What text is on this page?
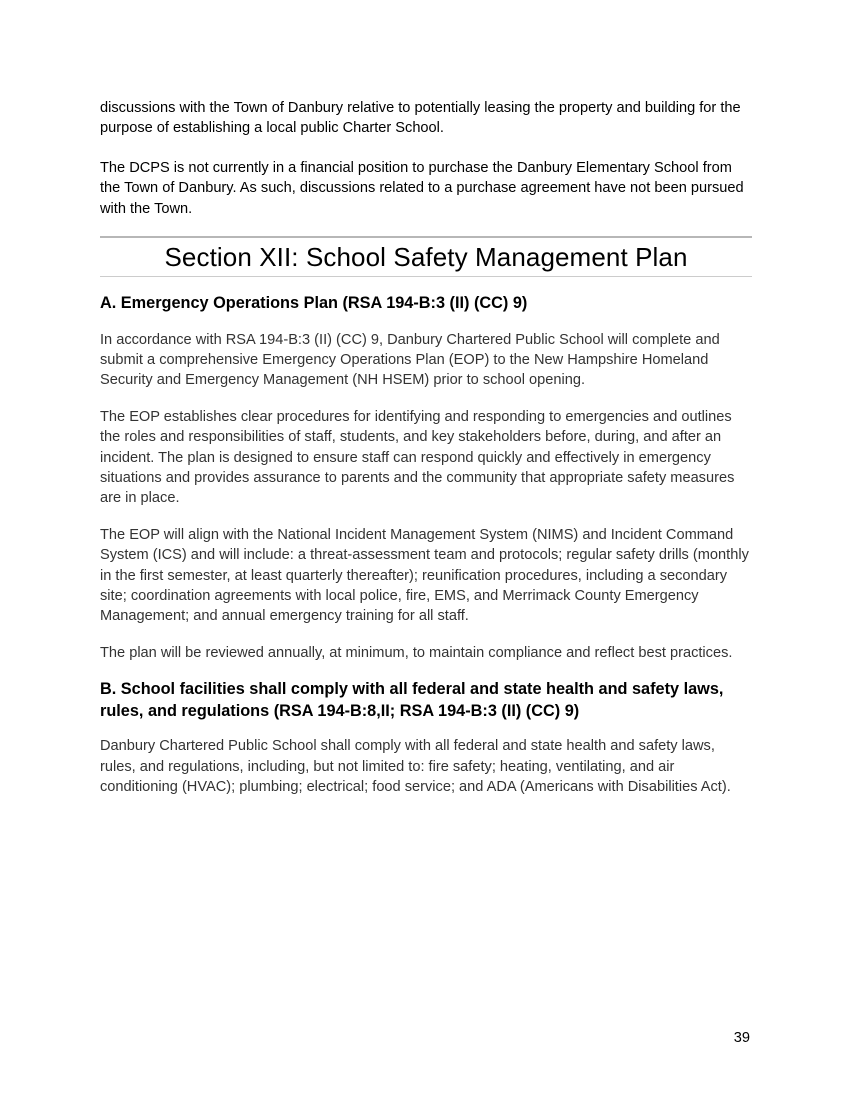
discussions with the Town of Danbury relative to potentially leasing the property and building for the purpose of establishing a local public Charter School.

The DCPS is not currently in a financial position to purchase the Danbury Elementary School from the Town of Danbury. As such, discussions related to a purchase agreement have not been pursued with the Town.

Section XII: School Safety Management Plan
A. Emergency Operations Plan (RSA 194-B:3 (II) (CC) 9)

In accordance with RSA 194-B:3 (II) (CC) 9, Danbury Chartered Public School will complete and submit a comprehensive Emergency Operations Plan (EOP) to the New Hampshire Homeland Security and Emergency Management (NH HSEM) prior to school opening.

The EOP establishes clear procedures for identifying and responding to emergencies and outlines the roles and responsibilities of staff, students, and key stakeholders before, during, and after an incident. The plan is designed to ensure staff can respond quickly and effectively in emergency situations and provides assurance to parents and the community that appropriate safety measures are in place.

The EOP will align with the National Incident Management System (NIMS) and Incident Command System (ICS) and will include: a threat-assessment team and protocols; regular safety drills (monthly in the first semester, at least quarterly thereafter); reunification procedures, including a secondary site; coordination agreements with local police, fire, EMS, and Merrimack County Emergency Management; and annual emergency training for all staff.

The plan will be reviewed annually, at minimum, to maintain compliance and reflect best practices.

B. School facilities shall comply with all federal and state health and safety laws, rules, and regulations (RSA 194-B:8,II; RSA 194-B:3 (II) (CC) 9)

Danbury Chartered Public School shall comply with all federal and state health and safety laws, rules, and regulations, including, but not limited to: fire safety; heating, ventilating, and air conditioning (HVAC); plumbing; electrical; food service; and ADA (Americans with Disabilities Act).

39
